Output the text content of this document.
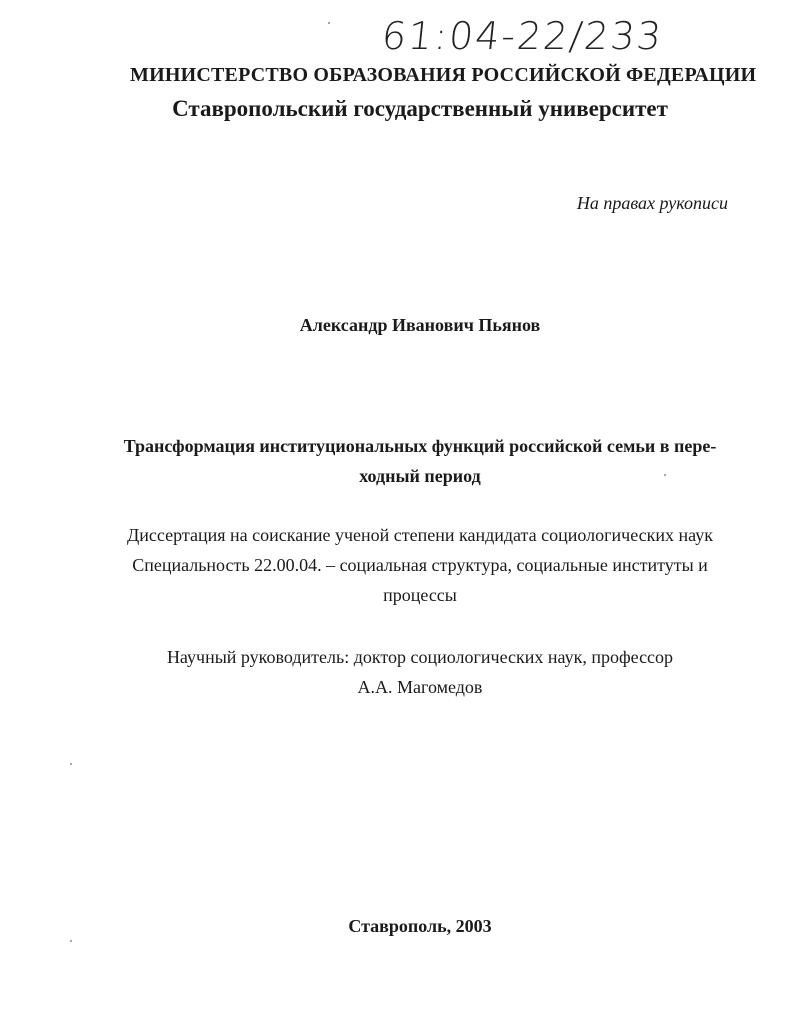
61:04-22/233
МИНИСТЕРСТВО ОБРАЗОВАНИЯ РОССИЙСКОЙ ФЕДЕРАЦИИ
Ставропольский государственный университет
На правах рукописи
Александр Иванович Пьянов
Трансформация институциональных функций российской семьи в пере-
ходный период
Диссертация на соискание ученой степени кандидата социологических наук
Специальность 22.00.04. – социальная структура, социальные институты и
процессы
Научный руководитель: доктор социологических наук, профессор
А.А. Магомедов
Ставрополь, 2003
